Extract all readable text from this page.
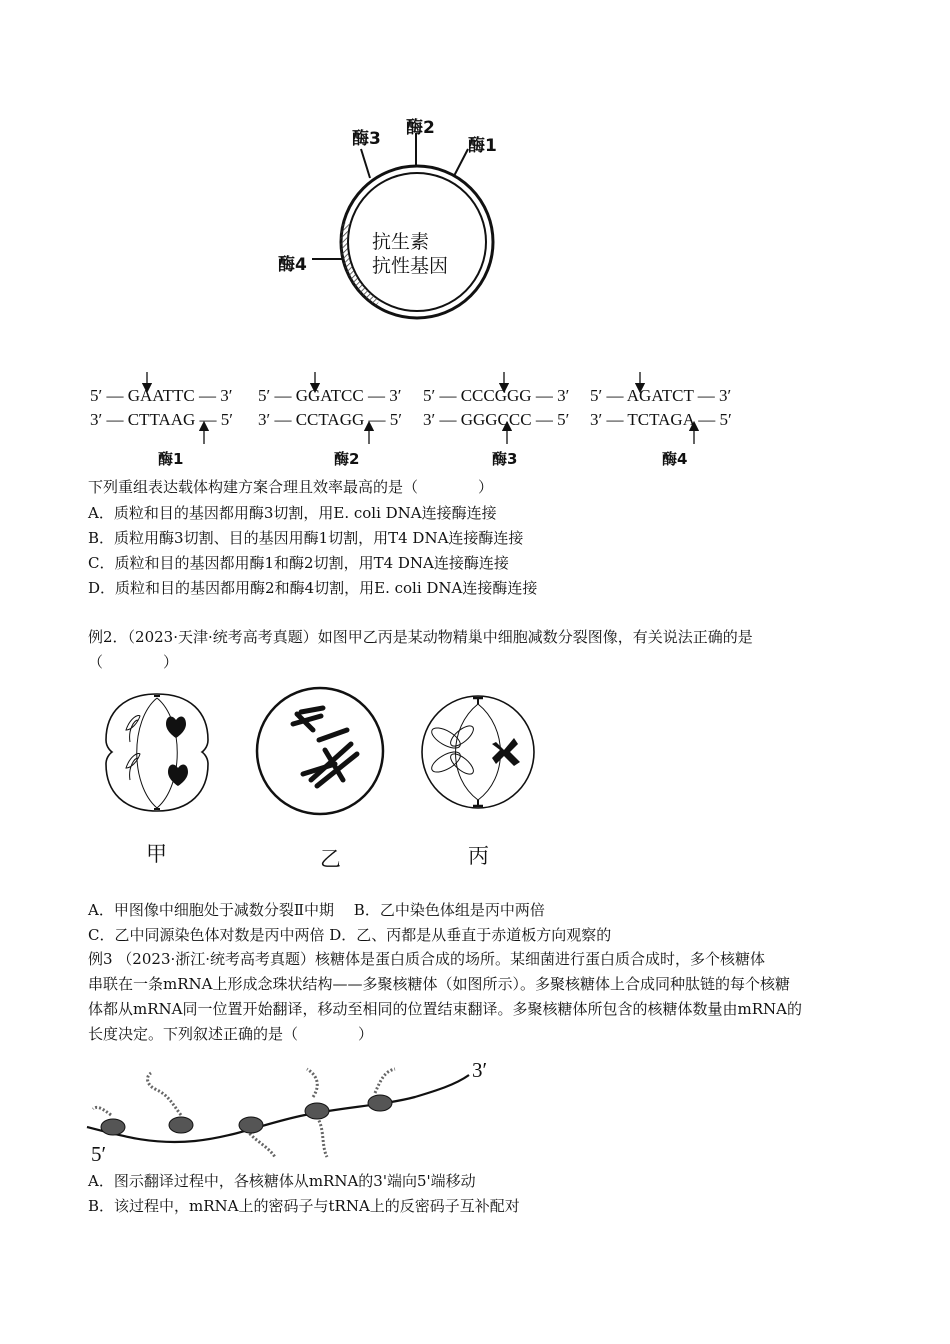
酶3
酶2
酶1
酶4
抗生素
抗性基因
5′ — GAATTC — 3′
3′ — CTTAAG — 5′
5′ — GGATCC — 3′
3′ — CCTAGG — 5′
5′ — CCCGGG — 3′
3′ — GGGCCC — 5′
5′ — AGATCT — 3′
3′ — TCTAGA — 5′
酶1	酶2	酶3	酶4
下列重组表达载体构建方案合理且效率最高的是（　　　　）
A．质粒和目的基因都用酶3切割，用E. coli DNA连接酶连接
B．质粒用酶3切割、目的基因用酶1切割，用T4 DNA连接酶连接
C．质粒和目的基因都用酶1和酶2切割，用T4 DNA连接酶连接
D．质粒和目的基因都用酶2和酶4切割，用E. coli DNA连接酶连接
例2．（2023·天津·统考高考真题）如图甲乙丙是某动物精巢中细胞减数分裂图像，有关说法正确的是
（　　　　）
甲	乙	丙
A．甲图像中细胞处于减数分裂Ⅱ中期　 B．乙中染色体组是丙中两倍
C．乙中同源染色体对数是丙中两倍 D．乙、丙都是从垂直于赤道板方向观察的
例3 （2023·浙江·统考高考真题）核糖体是蛋白质合成的场所。某细菌进行蛋白质合成时，多个核糖体
串联在一条mRNA上形成念珠状结构——多聚核糖体（如图所示）。多聚核糖体上合成同种肽链的每个核糖
体都从mRNA同一位置开始翻译，移动至相同的位置结束翻译。多聚核糖体所包含的核糖体数量由mRNA的
长度决定。下列叙述正确的是（　　　　）
3′
5′
A．图示翻译过程中，各核糖体从mRNA的3'端向5'端移动
B．该过程中，mRNA上的密码子与tRNA上的反密码子互补配对
